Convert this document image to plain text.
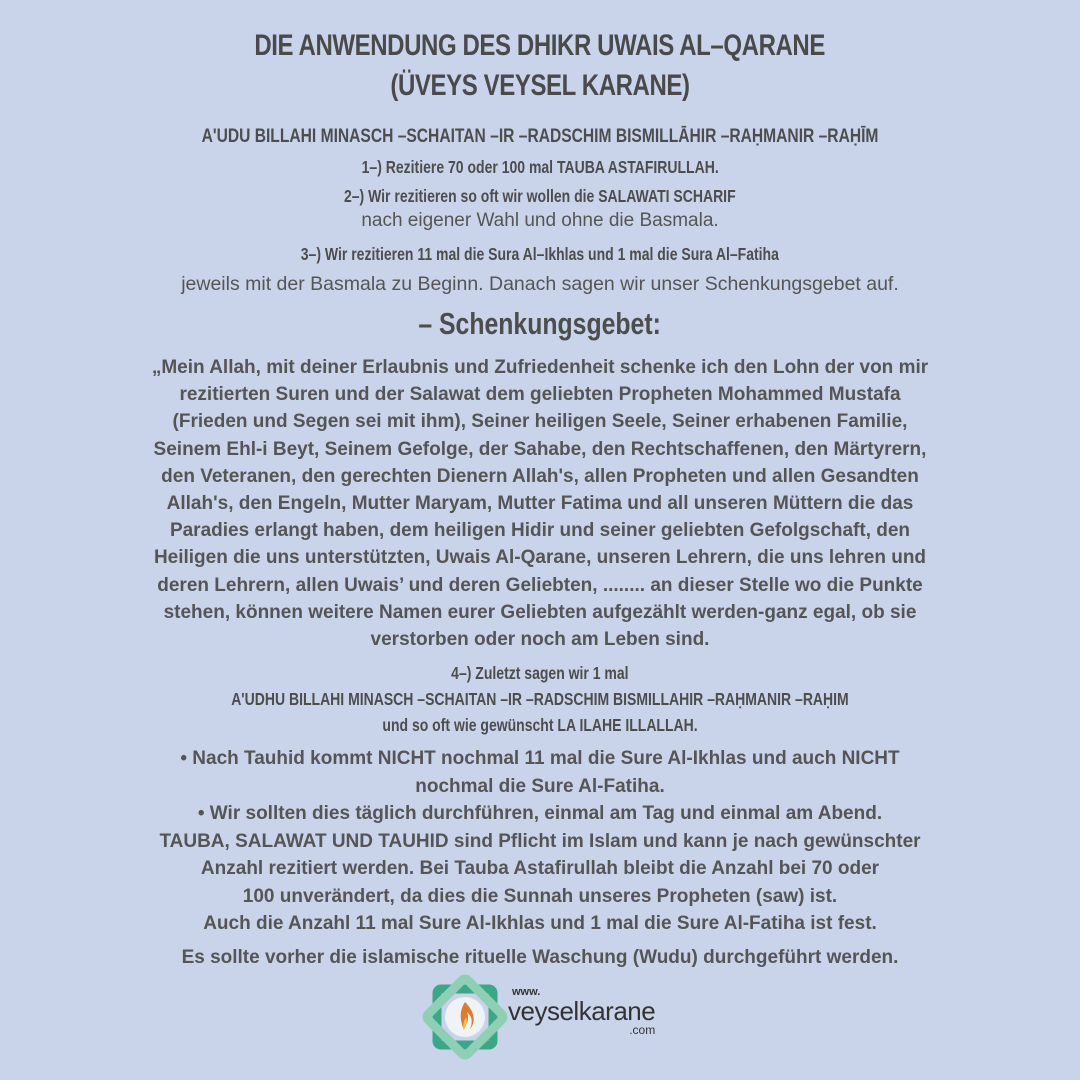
DIE ANWENDUNG DES DHIKR UWAIS AL–QARANE
(ÜVEYS VEYSEL KARANE)
A'UDU BILLAHI MINASCH –SCHAITAN –IR –RADSCHIM BISMILLĀHIR –RAḤMANIR –RAḤĪM
1–) Rezitiere 70 oder 100 mal TAUBA ASTAFIRULLAH.
2–) Wir rezitieren so oft wir wollen die SALAWATI SCHARIF
nach eigener Wahl und ohne die Basmala.
3–) Wir rezitieren 11 mal die Sura Al–Ikhlas und 1 mal die Sura Al–Fatiha
jeweils mit der Basmala zu Beginn. Danach sagen wir unser Schenkungsgebet auf.
– Schenkungsgebet:
„Mein Allah, mit deiner Erlaubnis und Zufriedenheit schenke ich den Lohn der von mir
rezitierten Suren und der Salawat dem geliebten Propheten Mohammed Mustafa
(Frieden und Segen sei mit ihm), Seiner heiligen Seele, Seiner erhabenen Familie,
Seinem Ehl-i Beyt, Seinem Gefolge, der Sahabe, den Rechtschaffenen, den Märtyrern,
den Veteranen, den gerechten Dienern Allah's, allen Propheten und allen Gesandten
Allah's, den Engeln, Mutter Maryam, Mutter Fatima und all unseren Müttern die das
Paradies erlangt haben, dem heiligen Hidir und seiner geliebten Gefolgschaft, den
Heiligen die uns unterstützten, Uwais Al-Qarane, unseren Lehrern, die uns lehren und
deren Lehrern, allen Uwais’ und deren Geliebten, ........ an dieser Stelle wo die Punkte
stehen, können weitere Namen eurer Geliebten aufgezählt werden-ganz egal, ob sie
verstorben oder noch am Leben sind.
4–) Zuletzt sagen wir 1 mal
A'UDHU BILLAHI MINASCH –SCHAITAN –IR –RADSCHIM BISMILLAHIR –RAḤMANIR –RAḤIM
und so oft wie gewünscht LA ILAHE ILLALLAH.
• Nach Tauhid kommt NICHT nochmal 11 mal die Sure Al-Ikhlas und auch NICHT
nochmal die Sure Al-Fatiha.
• Wir sollten dies täglich durchführen, einmal am Tag und einmal am Abend.
TAUBA, SALAWAT UND TAUHID sind Pflicht im Islam und kann je nach gewünschter
Anzahl rezitiert werden. Bei Tauba Astafirullah bleibt die Anzahl bei 70 oder
100 unverändert, da dies die Sunnah unseres Propheten (saw) ist.
Auch die Anzahl 11 mal Sure Al-Ikhlas und 1 mal die Sure Al-Fatiha ist fest.
Es sollte vorher die islamische rituelle Waschung (Wudu) durchgeführt werden.
www.
veyselkarane
.com
